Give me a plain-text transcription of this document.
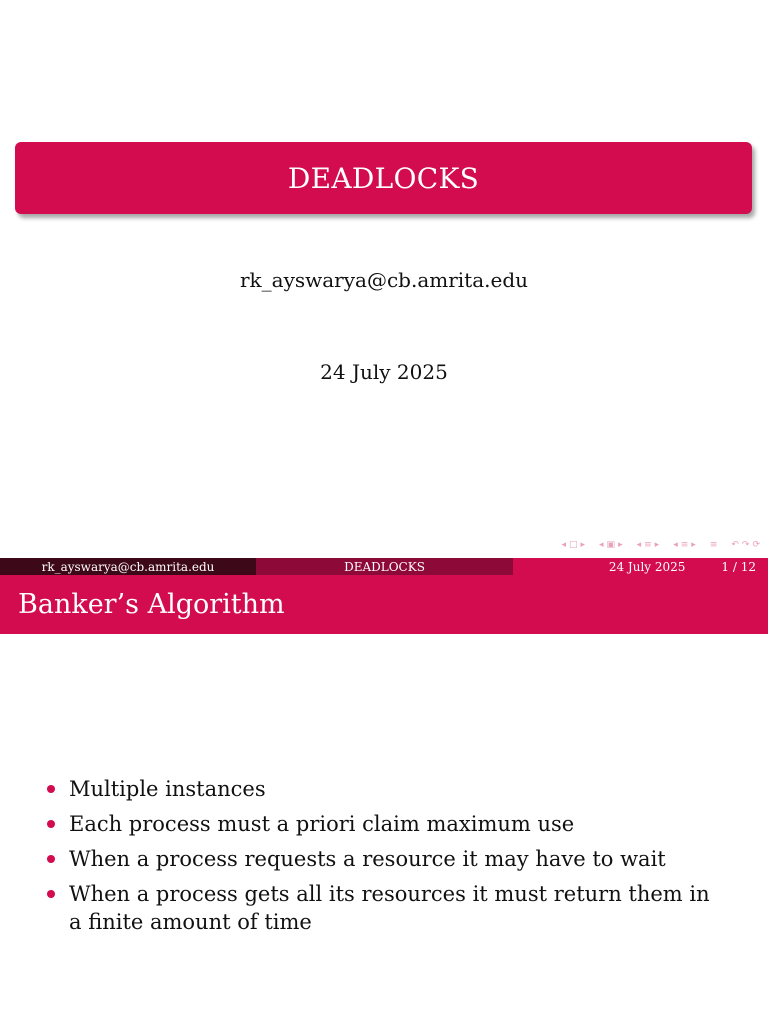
DEADLOCKS
rk_ayswarya@cb.amrita.edu
24 July 2025
◂ □ ▸ ◂ ▣ ▸ ◂ ≡ ▸ ◂ ≡ ▸ ≡ ↶ ↷ ⟳
rk_ayswarya@cb.amrita.edu	DEADLOCKS	24 July 2025	1 / 12
Banker’s Algorithm
Multiple instances
Each process must a priori claim maximum use
When a process requests a resource it may have to wait
When a process gets all its resources it must return them in a finite amount of time
